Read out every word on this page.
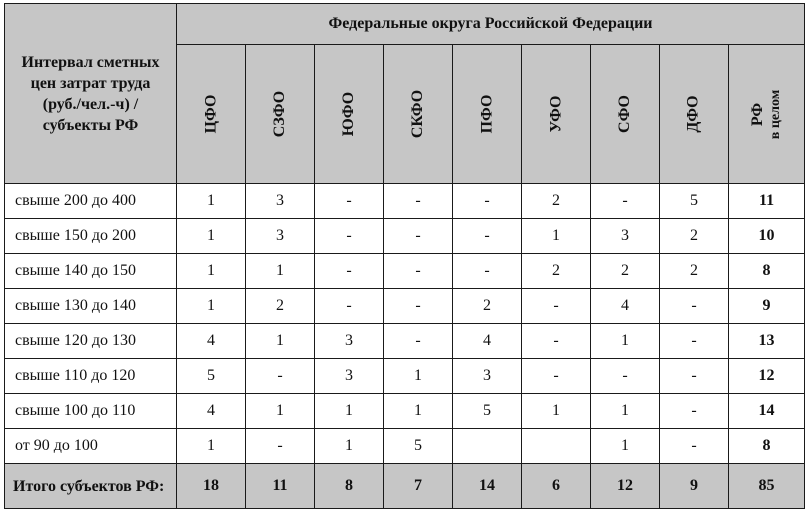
Интервал сметных цен затрат труда (руб./чел.-ч) / субъекты РФ	Федеральные округа Российской Федерации								
	ЦФО	СЗФО	ЮФО	СКФО	ПФО	УФО	СФО	ДФО	РФ в целом
свыше 200 до 400	1	3	-	-	-	2	-	5	11
свыше 150 до 200	1	3	-	-	-	1	3	2	10
свыше 140 до 150	1	1	-	-	-	2	2	2	8
свыше 130 до 140	1	2	-	-	2	-	4	-	9
свыше 120 до 130	4	1	3	-	4	-	1	-	13
свыше 110 до 120	5	-	3	1	3	-	-	-	12
свыше 100 до 110	4	1	1	1	5	1	1	-	14
от 90 до 100	1	-	1	5			1	-	8
Итого субъектов РФ:	18	11	8	7	14	6	12	9	85
